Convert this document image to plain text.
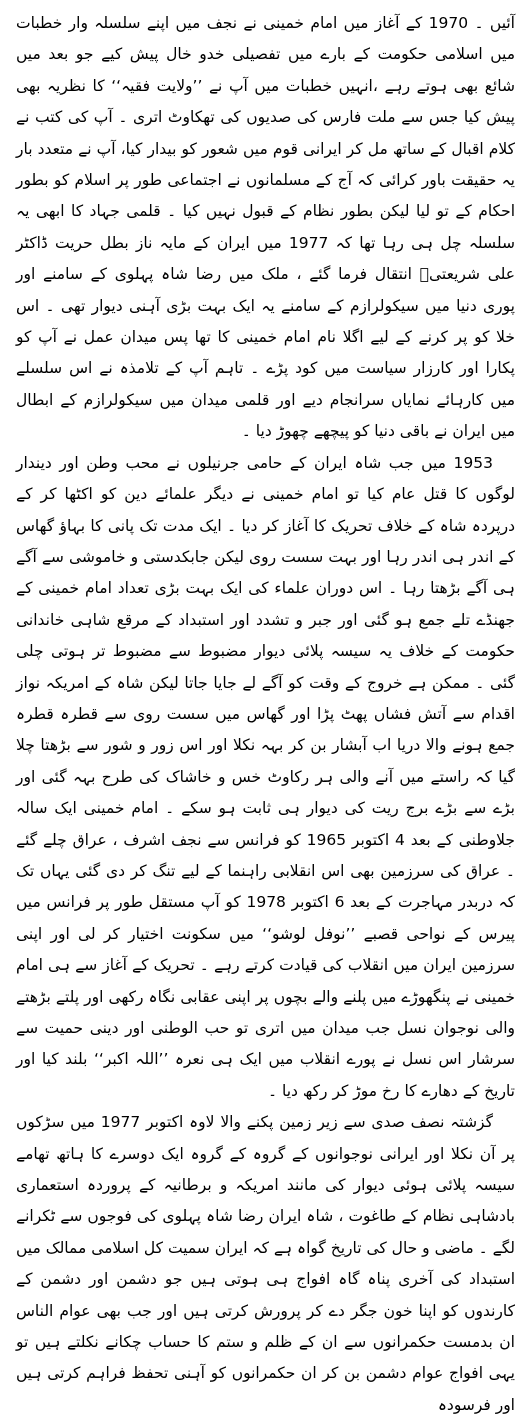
آئیں ۔ 1970 کے آغاز میں امام خمینی نے نجف میں اپنے سلسلہ وار خطبات میں اسلامی حکومت کے بارے میں تفصیلی خدو خال پیش کیے جو بعد میں شائع بھی ہوتے رہے ،انہیں خطبات میں آپ نے ’’ولایت فقیہ‘‘ کا نظریہ بھی پیش کیا جس سے ملت فارس کی صدیوں کی تھکاوٹ اتری ۔ آپ کی کتب نے کلام اقبال کے ساتھ مل کر ایرانی قوم میں شعور کو بیدار کیا، آپ نے متعدد بار یہ حقیقت باور کرائی کہ آج کے مسلمانوں نے اجتماعی طور پر اسلام کو بطور احکام کے تو لیا لیکن بطور نظام کے قبول نہیں کیا ۔ قلمی جہاد کا ابھی یہ سلسلہ چل ہی رہا تھا کہ 1977 میں ایران کے مایہ ناز بطل حریت ڈاکٹر علی شریعتیؒ انتقال فرما گئے ، ملک میں رضا شاہ پہلوی کے سامنے اور پوری دنیا میں سیکولرازم کے سامنے یہ ایک بہت بڑی آہنی دیوار تھی ۔ اس خلا کو پر کرنے کے لیے اگلا نام امام خمینی کا تھا پس میدان عمل نے آپ کو پکارا اور کارزار سیاست میں کود پڑے ۔ تاہم آپ کے تلامذہ نے اس سلسلے میں کارہائے نمایاں سرانجام دیے اور قلمی میدان میں سیکولرازم کے ابطال میں ایران نے باقی دنیا کو پیچھے چھوڑ دیا ۔

1953 میں جب شاہ ایران کے حامی جرنیلوں نے محب وطن اور دیندار لوگوں کا قتل عام کیا تو امام خمینی نے دیگر علمائے دین کو اکٹھا کر کے درپردہ شاہ کے خلاف تحریک کا آغاز کر دیا ۔ ایک مدت تک پانی کا بہاؤ گھاس کے اندر ہی اندر رہا اور بہت سست روی لیکن جابکدستی و خاموشی سے آگے ہی آگے بڑھتا رہا ۔ اس دوران علماء کی ایک بہت بڑی تعداد امام خمینی کے جھنڈے تلے جمع ہو گئی اور جبر و تشدد اور استبداد کے مرقع شاہی خاندانی حکومت کے خلاف یہ سیسہ پلائی دیوار مضبوط سے مضبوط تر ہوتی چلی گئی ۔ ممکن ہے خروج کے وقت کو آگے لے جایا جاتا لیکن شاہ کے امریکہ نواز اقدام سے آتش فشاں پھٹ پڑا اور گھاس میں سست روی سے قطرہ قطرہ جمع ہونے والا دریا اب آبشار بن کر بہہ نکلا اور اس زور و شور سے بڑھتا چلا گیا کہ راستے میں آنے والی ہر رکاوٹ خس و خاشاک کی طرح بہہ گئی اور بڑے سے بڑے برج ریت کی دیوار ہی ثابت ہو سکے ۔ امام خمینی ایک سالہ جلاوطنی کے بعد 4 اکتوبر 1965 کو فرانس سے نجف اشرف ، عراق چلے گئے ۔ عراق کی سرزمین بھی اس انقلابی راہنما کے لیے تنگ کر دی گئی یہاں تک کہ دربدر مہاجرت کے بعد 6 اکتوبر 1978 کو آپ مستقل طور پر فرانس میں پیرس کے نواحی قصبے ’’نوفل لوشو‘‘ میں سکونت اختیار کر لی اور اپنی سرزمین ایران میں انقلاب کی قیادت کرتے رہے ۔ تحریک کے آغاز سے ہی امام خمینی نے پنگھوڑے میں پلنے والے بچوں پر اپنی عقابی نگاہ رکھی اور پلتے بڑھتے والی نوجوان نسل جب میدان میں اتری تو حب الوطنی اور دینی حمیت سے سرشار اس نسل نے پورے انقلاب میں ایک ہی نعرہ ’’اللہ اکبر‘‘ بلند کیا اور تاریخ کے دھارے کا رخ موڑ کر رکھ دیا ۔

گزشتہ نصف صدی سے زیر زمین پکنے والا لاوہ اکتوبر 1977 میں سڑکوں پر آن نکلا اور ایرانی نوجوانوں کے گروہ کے گروہ ایک دوسرے کا ہاتھ تھامے سیسہ پلائی ہوئی دیوار کی مانند امریکہ و برطانیہ کے پروردہ استعماری بادشاہی نظام کے طاغوت ، شاہ ایران رضا شاہ پہلوی کی فوجوں سے ٹکرانے لگے ۔ ماضی و حال کی تاریخ گواہ ہے کہ ایران سمیت کل اسلامی ممالک میں استبداد کی آخری پناہ گاہ افواج ہی ہوتی ہیں جو دشمن اور دشمن کے کارندوں کو اپنا خون جگر دے کر پرورش کرتی ہیں اور جب بھی عوام الناس ان بدمست حکمرانوں سے ان کے ظلم و ستم کا حساب چکانے نکلتے ہیں تو یہی افواج عوام دشمن بن کر ان حکمرانوں کو آہنی تحفظ فراہم کرتی ہیں اور فرسودہ
